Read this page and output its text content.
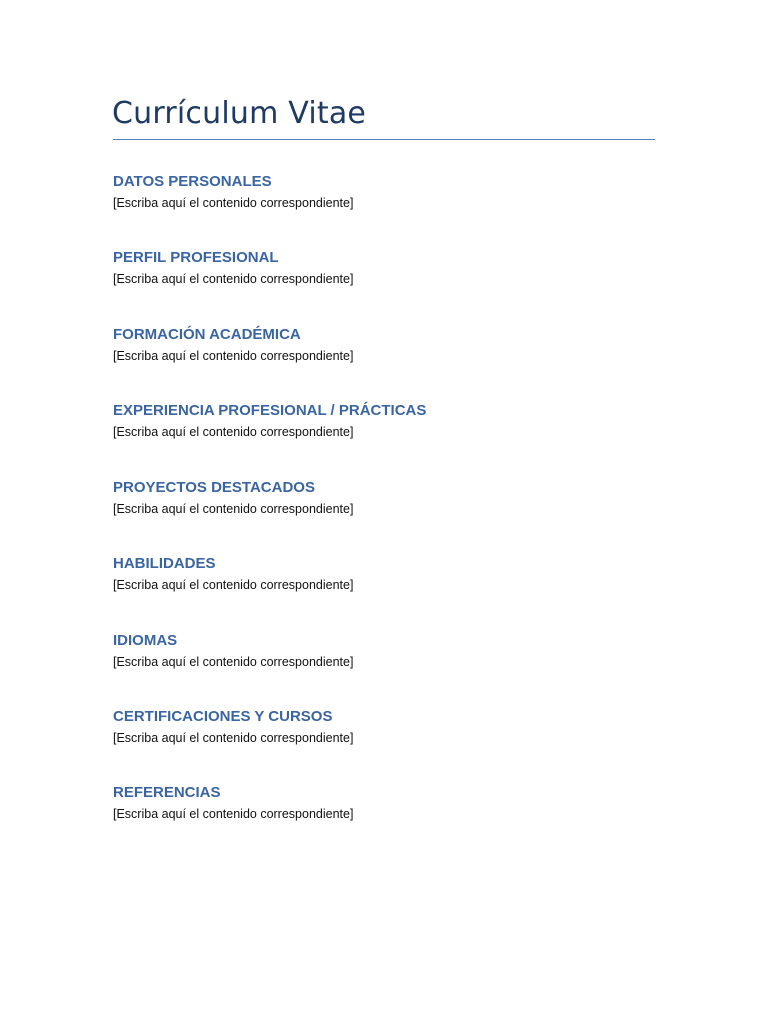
Currículum Vitae
DATOS PERSONALES

[Escriba aquí el contenido correspondiente]

PERFIL PROFESIONAL

[Escriba aquí el contenido correspondiente]

FORMACIÓN ACADÉMICA

[Escriba aquí el contenido correspondiente]

EXPERIENCIA PROFESIONAL / PRÁCTICAS

[Escriba aquí el contenido correspondiente]

PROYECTOS DESTACADOS

[Escriba aquí el contenido correspondiente]

HABILIDADES

[Escriba aquí el contenido correspondiente]

IDIOMAS

[Escriba aquí el contenido correspondiente]

CERTIFICACIONES Y CURSOS

[Escriba aquí el contenido correspondiente]

REFERENCIAS

[Escriba aquí el contenido correspondiente]
